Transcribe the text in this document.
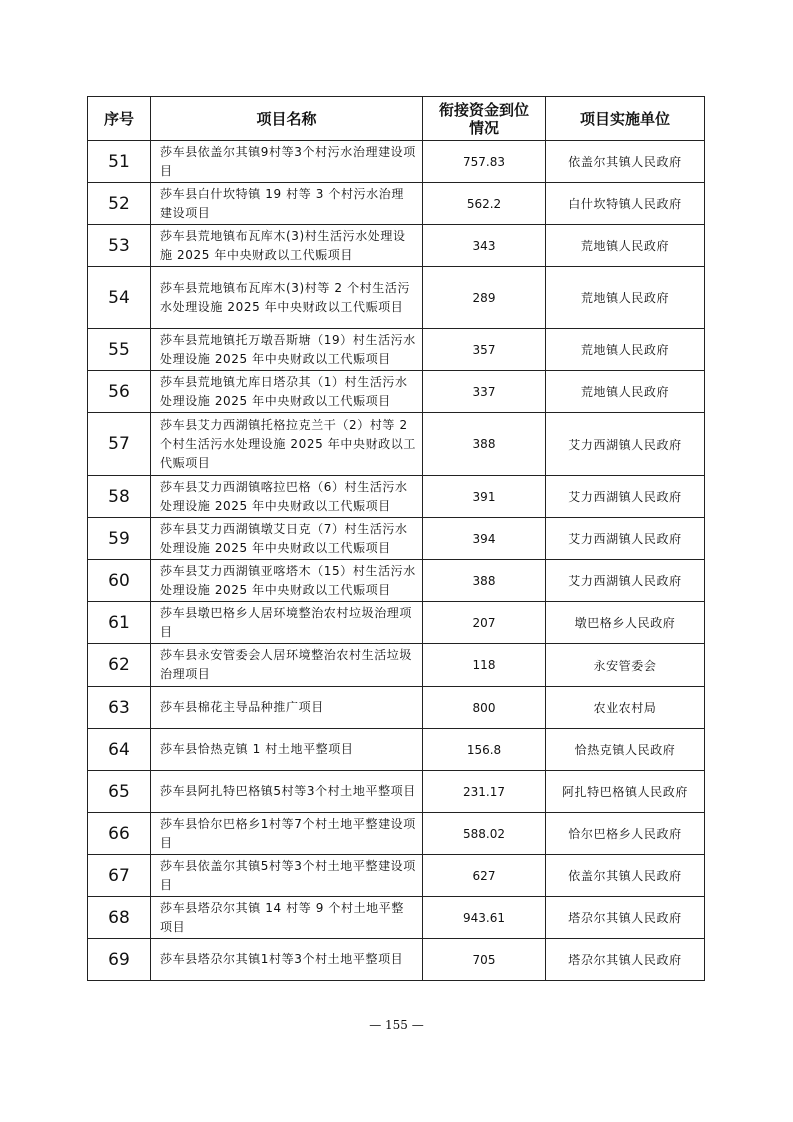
序号	项目名称	衔接资金到位情况	项目实施单位
51	莎车县依盖尔其镇9村等3个村污水治理建设项目	757.83	依盖尔其镇人民政府
52	莎车县白什坎特镇 19 村等 3 个村污水治理建设项目	562.2	白什坎特镇人民政府
53	莎车县荒地镇布瓦库木(3)村生活污水处理设施 2025 年中央财政以工代赈项目	343	荒地镇人民政府
54	莎车县荒地镇布瓦库木(3)村等 2 个村生活污水处理设施 2025 年中央财政以工代赈项目	289	荒地镇人民政府
55	莎车县荒地镇托万墩吾斯塘（19）村生活污水处理设施 2025 年中央财政以工代赈项目	357	荒地镇人民政府
56	莎车县荒地镇尤库日塔尕其（1）村生活污水处理设施 2025 年中央财政以工代赈项目	337	荒地镇人民政府
57	莎车县艾力西湖镇托格拉克兰干（2）村等 2 个村生活污水处理设施 2025 年中央财政以工代赈项目	388	艾力西湖镇人民政府
58	莎车县艾力西湖镇喀拉巴格（6）村生活污水处理设施 2025 年中央财政以工代赈项目	391	艾力西湖镇人民政府
59	莎车县艾力西湖镇墩艾日克（7）村生活污水处理设施 2025 年中央财政以工代赈项目	394	艾力西湖镇人民政府
60	莎车县艾力西湖镇亚喀塔木（15）村生活污水处理设施 2025 年中央财政以工代赈项目	388	艾力西湖镇人民政府
61	莎车县墩巴格乡人居环境整治农村垃圾治理项目	207	墩巴格乡人民政府
62	莎车县永安管委会人居环境整治农村生活垃圾治理项目	118	永安管委会
63	莎车县棉花主导品种推广项目	800	农业农村局
64	莎车县恰热克镇 1 村土地平整项目	156.8	恰热克镇人民政府
65	莎车县阿扎特巴格镇5村等3个村土地平整项目	231.17	阿扎特巴格镇人民政府
66	莎车县恰尔巴格乡1村等7个村土地平整建设项目	588.02	恰尔巴格乡人民政府
67	莎车县依盖尔其镇5村等3个村土地平整建设项目	627	依盖尔其镇人民政府
68	莎车县塔尕尔其镇 14 村等 9 个村土地平整项目	943.61	塔尕尔其镇人民政府
69	莎车县塔尕尔其镇1村等3个村土地平整项目	705	塔尕尔其镇人民政府
— 155 —
